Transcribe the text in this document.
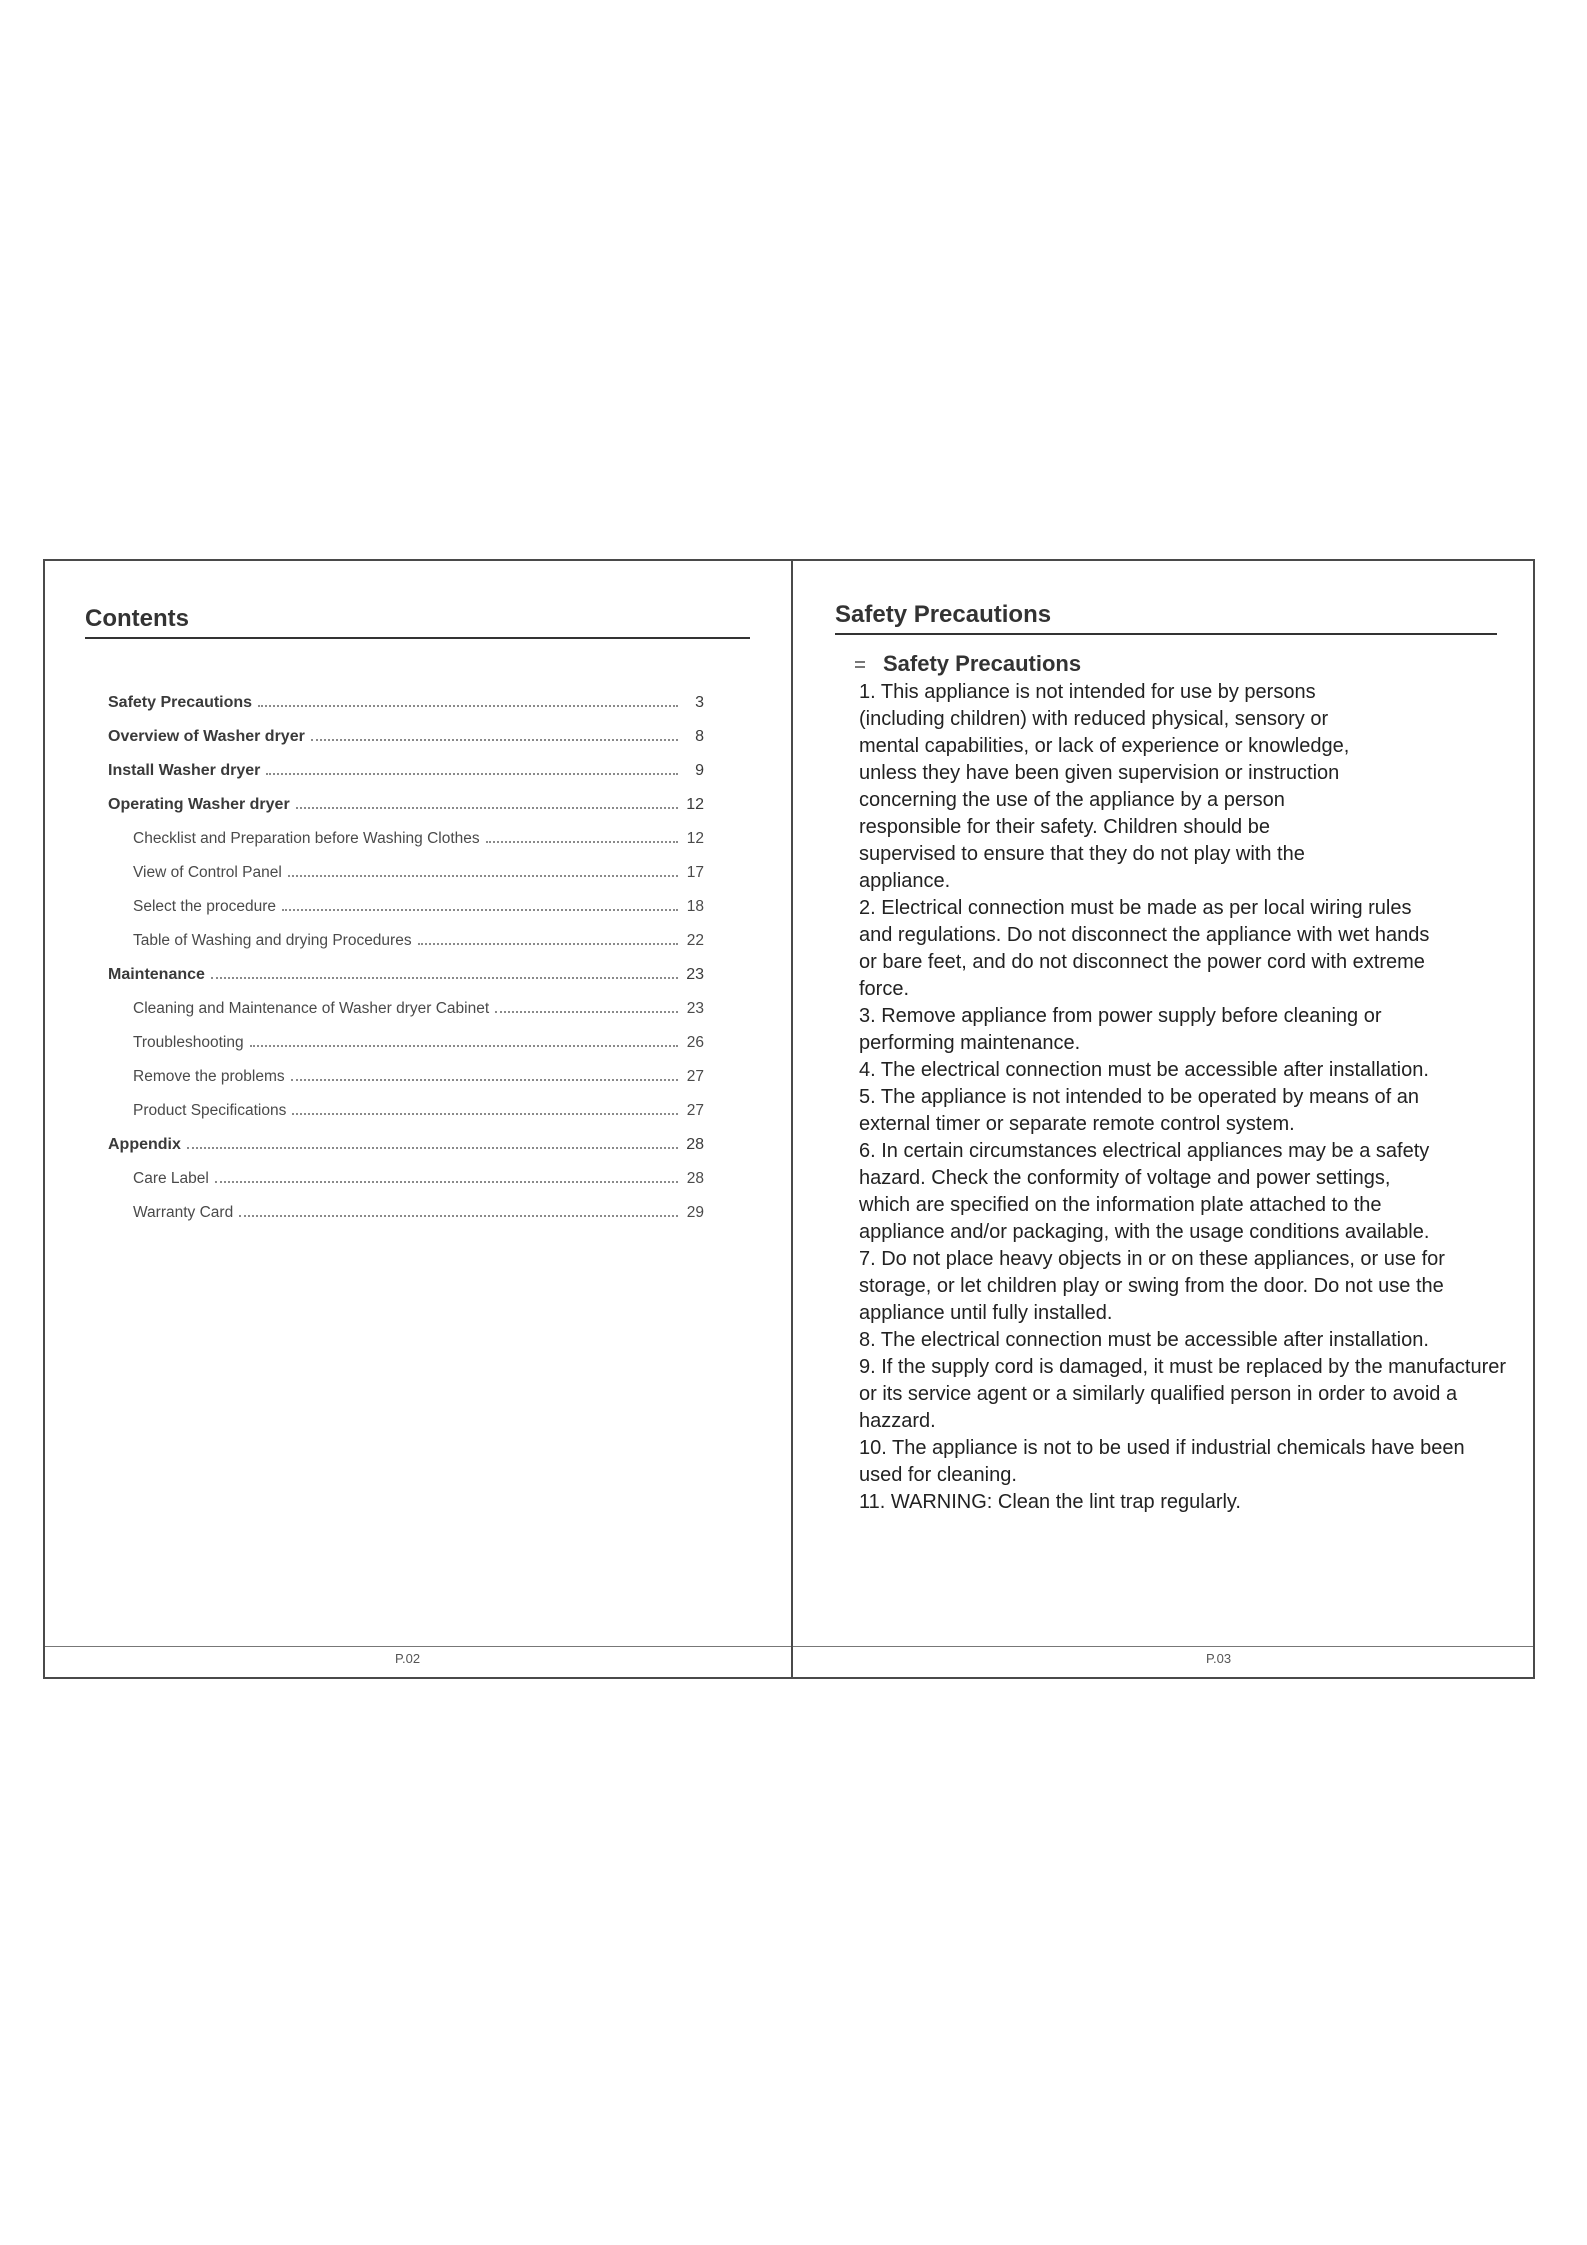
Contents
Safety Precautions	3
Overview of Washer dryer	8
Install Washer dryer	9
Operating Washer dryer	12
Checklist and Preparation before Washing Clothes	12
View of Control Panel	17
Select the procedure	18
Table of Washing and drying Procedures	22
Maintenance	23
Cleaning and Maintenance of Washer dryer Cabinet	23
Troubleshooting	26
Remove the problems	27
Product Specifications	27
Appendix	28
Care Label	28
Warranty Card	29
P.02
Safety Precautions
Safety Precautions

1. This appliance is not intended for use by persons

(including children) with reduced physical, sensory or

mental capabilities, or lack of experience or knowledge,

unless they have been given supervision or instruction

concerning the use of the appliance by a person

responsible for their safety. Children should be

supervised to ensure that they do not play with the

appliance.

2. Electrical connection must be made as per local wiring rules

and regulations. Do not disconnect the appliance with wet hands

or bare feet, and do not disconnect the power cord with extreme

force.

3. Remove appliance from power supply before cleaning or

performing maintenance.

4. The electrical connection must be accessible after installation.

5. The appliance is not intended to be operated by means of an

external timer or separate remote control system.

6. In certain circumstances electrical appliances may be a safety

hazard. Check the conformity of voltage and power settings,

which are specified on the information plate attached to the

appliance and/or packaging, with the usage conditions available.

7. Do not place heavy objects in or on these appliances, or use for

storage, or let children play or swing from the door. Do not use the

appliance until fully installed.

8. The electrical connection must be accessible after installation.

9. If the supply cord is damaged, it must be replaced by the manufacturer

or its service agent or a similarly qualified person in order to avoid a

hazzard.

10. The appliance is not to be used if industrial chemicals have been

used for cleaning.

11. WARNING: Clean the lint trap regularly.

P.03
